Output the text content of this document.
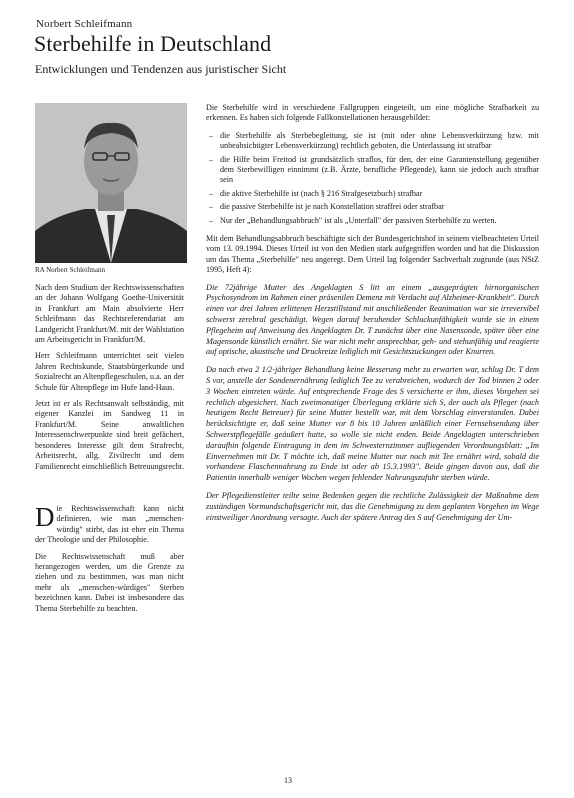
Norbert Schleifmann
Sterbehilfe in Deutschland
Entwicklungen und Tendenzen aus juristischer Sicht
RA Norbert Schleifmann

Nach dem Studium der Rechtswissenschaften an der Johann Wolfgang Goethe-Universität in Frankfurt am Main absolvierte Herr Schleifmann das Rechtsreferendariat am Landgericht Frankfurt/M. mit der Wahlstation am Arbeitsgericht in Frankfurt/M.

Herr Schleifmann unterrichtet seit vielen Jahren Rechtskunde, Staatsbürgerkunde und Sozialrecht an Altenpflegeschulen, u.a. an der Schule für Altenpflege im Hufe land-Haus.

Jetzt ist er als Rechtsanwalt selbständig, mit eigener Kanzlei im Sandweg 11 in Frankfurt/M. Seine anwaltlichen Interessenschwerpunkte sind breit gefächert, besonderes Interesse gilt dem Strafrecht, Arbeitsrecht, allg. Zivilrecht und dem Familienrecht einschließlich Betreuungsrecht.

Die Rechtswissenschaft kann nicht definieren, wie man „menschen-würdig" stirbt, das ist eher ein Thema der Theologie und der Philosophie.

Die Rechtswissenschaft muß aber herangezogen werden, um die Grenze zu ziehen und zu bestimmen, was man nicht mehr als „menschen-würdiges" Sterben bezeichnen kann. Dabei ist insbesondere das Thema Sterbehilfe zu beachten.

Die Sterbehilfe wird in verschiedene Fallgruppen eingeteilt, um eine mögliche Strafbarkeit zu erkennen. Es haben sich folgende Fallkonstellationen herausgebildet:

– die Sterbehilfe als Sterbebegleitung, sie ist (mit oder ohne Lebensverkürzung bzw. mit unbeabsichtigter Lebensverkürzung) rechtlich geboten, die Unterlassung ist strafbar
– die Hilfe beim Freitod ist grundsätzlich straflos, für den, der eine Garantenstellung gegenüber dem Sterbewilligen einnimmt (z.B. Ärzte, berufliche Pflegende), kann sie jedoch auch strafbar sein
– die aktive Sterbehilfe ist (nach § 216 Strafgesetzbuch) strafbar
– die passive Sterbehilfe ist je nach Konstellation straffrei oder strafbar
– Nur der „Behandlungsabbruch" ist als „Unterfall" der passiven Sterbehilfe zu werten.

Mit dem Behandlungsabbruch beschäftigte sich der Bundesgerichtshof in seinem vielbeachteten Urteil vom 13. 09.1994. Dieses Urteil ist von den Medien stark aufgegriffen worden und hat die Diskussion um das Thema „Sterbehilfe" neu angeregt. Dem Urteil lag folgender Sachverhalt zugrunde (aus NStZ 1995, Heft 4):

Die 72jährige Mutter des Angeklagten S litt an einem „ausgeprägten hirnorganischen Psychosyndrom im Rahmen einer präsenilen Demenz mit Verdacht auf Alzheimer-Krankheit". Durch einen vor drei Jahren erlittenen Herzstillstand mit anschließender Reanimation war sie irreversibel schwerst zerebral geschädigt. Wegen darauf beruhender Schluckunfähigkeit wurde sie in einem Pflegeheim auf Anweisung des Angeklagten Dr. T zunächst über eine Nasensonde, später über eine Magensonde künstlich ernährt. Sie war nicht mehr ansprechbar, geh- und stehunfähig und reagierte auf optische, akustische und Druckreize lediglich mit Gesichtszuckungen oder Knurren.

Da nach etwa 2 1/2-jähriger Behandlung keine Besserung mehr zu erwarten war, schlug Dr. T dem S vor, anstelle der Sondenernährung lediglich Tee zu verabreichen, wodurch der Tod binnen 2 oder 3 Wochen eintreten würde. Auf entsprechende Frage des S versicherte er ihm, dieses Vorgehen sei rechtlich abgesichert. Nach zweimonatiger Überlegung erklärte sich S, der auch als Pfleger (nach heutigem Recht Betreuer) für seine Mutter bestellt war, mit dem Vorschlag einverstanden. Dabei berücksichtigte er, daß seine Mutter vor 8 bis 10 Jahren anläßlich einer Fernsehsendung über Schwerstpflegefälle geäußert hatte, so wolle sie nicht enden. Beide Angeklagten unterschrieben daraufhin folgende Eintragung in dem im Schwesternzimmer aufliegenden Verordnungsblatt: „Im Einvernehmen mit Dr. T möchte ich, daß meine Mutter nur noch mit Tee ernährt wird, sobald die vorhandene Flaschennahrung zu Ende ist oder ab 15.3.1993". Beide gingen davon aus, daß die Patientin innerhalb weniger Wochen wegen fehlender Nahrungszufuhr sterben würde.

Der Pflegedienstleiter teilte seine Bedenken gegen die rechtliche Zulässigkeit der Maßnahme dem zuständigen Vormundschaftsgericht mit, das die Genehmigung zu dem geplanten Vorgehen im Wege einstweiliger Anordnung versagte. Auch der spätere Antrag des S auf Genehmigung der Um-

13
